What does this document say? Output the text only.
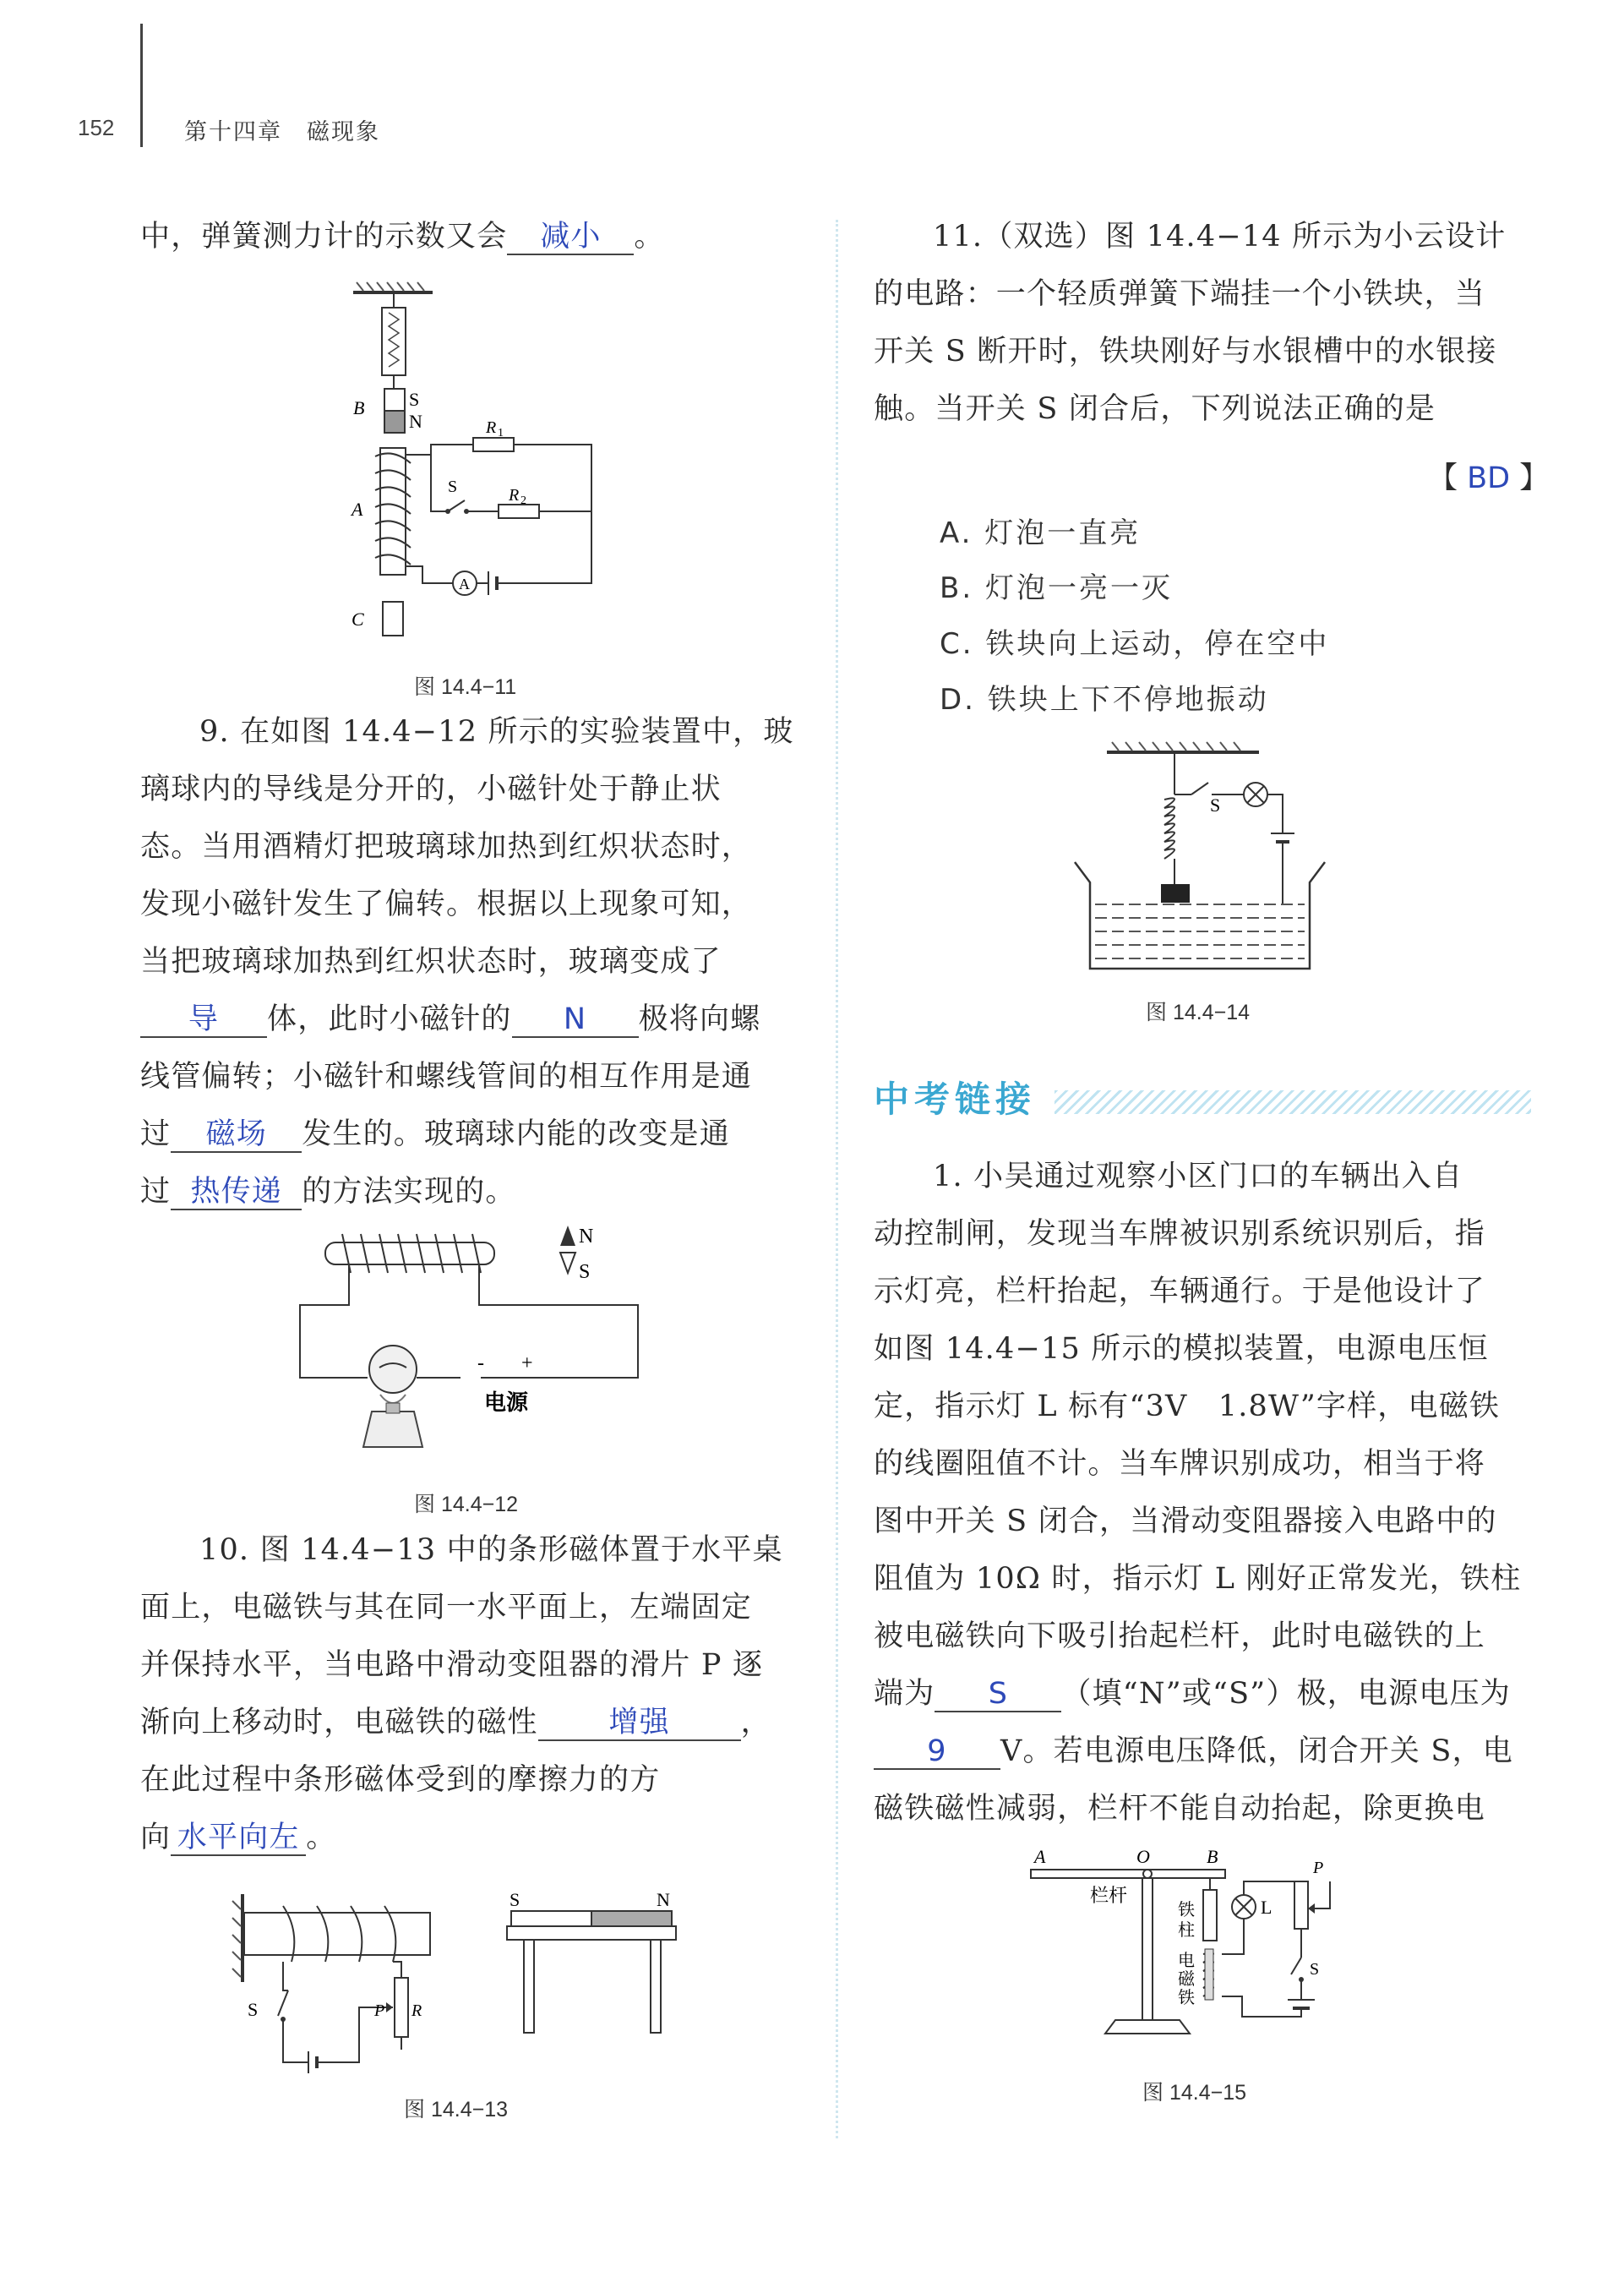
152	第十四章　磁现象

中，弹簧测力计的示数又会 减小 。

S
N
B
A
R 1
S	R 2
A
C
图 14.4−11

9. 在如图 14.4−12 所示的实验装置中，玻

璃球内的导线是分开的，小磁针处于静止状

态。当用酒精灯把玻璃球加热到红炽状态时，

发现小磁针发生了偏转。根据以上现象可知，

当把玻璃球加热到红炽状态时，玻璃变成了

导 体，此时小磁针的 N 极将向螺

线管偏转；小磁针和螺线管间的相互作用是通

过 磁场 发生的。玻璃球内能的改变是通

过 热传递 的方法实现的。

- +
电源
N
S
图 14.4−12

10. 图 14.4−13 中的条形磁体置于水平桌

面上，电磁铁与其在同一水平面上，左端固定

并保持水平，当电路中滑动变阻器的滑片 P 逐

渐向上移动时，电磁铁的磁性 增强 ，

在此过程中条形磁体受到的摩擦力的方

向 水平向左 。

S	P R
S	N
图 14.4−13

11.（双选）图 14.4−14 所示为小云设计

的电路：一个轻质弹簧下端挂一个小铁块，当

开关 S 断开时，铁块刚好与水银槽中的水银接

触。当开关 S 闭合后，下列说法正确的是

【 BD 】
A. 灯泡一直亮
B. 灯泡一亮一灭
C. 铁块向上运动，停在空中
D. 铁块上下不停地振动
S
图 14.4−14
中考链接

1. 小吴通过观察小区门口的车辆出入自

动控制闸，发现当车牌被识别系统识别后，指

示灯亮，栏杆抬起，车辆通行。于是他设计了

如图 14.4−15 所示的模拟装置，电源电压恒

定，指示灯 L 标有“3V　1.8W”字样，电磁铁

的线圈阻值不计。当车牌识别成功，相当于将

图中开关 S 闭合，当滑动变阻器接入电路中的

阻值为 10Ω 时，指示灯 L 刚好正常发光，铁柱

被电磁铁向下吸引抬起栏杆，此时电磁铁的上

端为 S （填“N”或“S”）极，电源电压为

9 V。若电源电压降低，闭合开关 S，电

磁铁磁性减弱，栏杆不能自动抬起，除更换电

A	O	B
栏杆
铁
柱
电
磁
铁
L
P
S
图 14.4−15
